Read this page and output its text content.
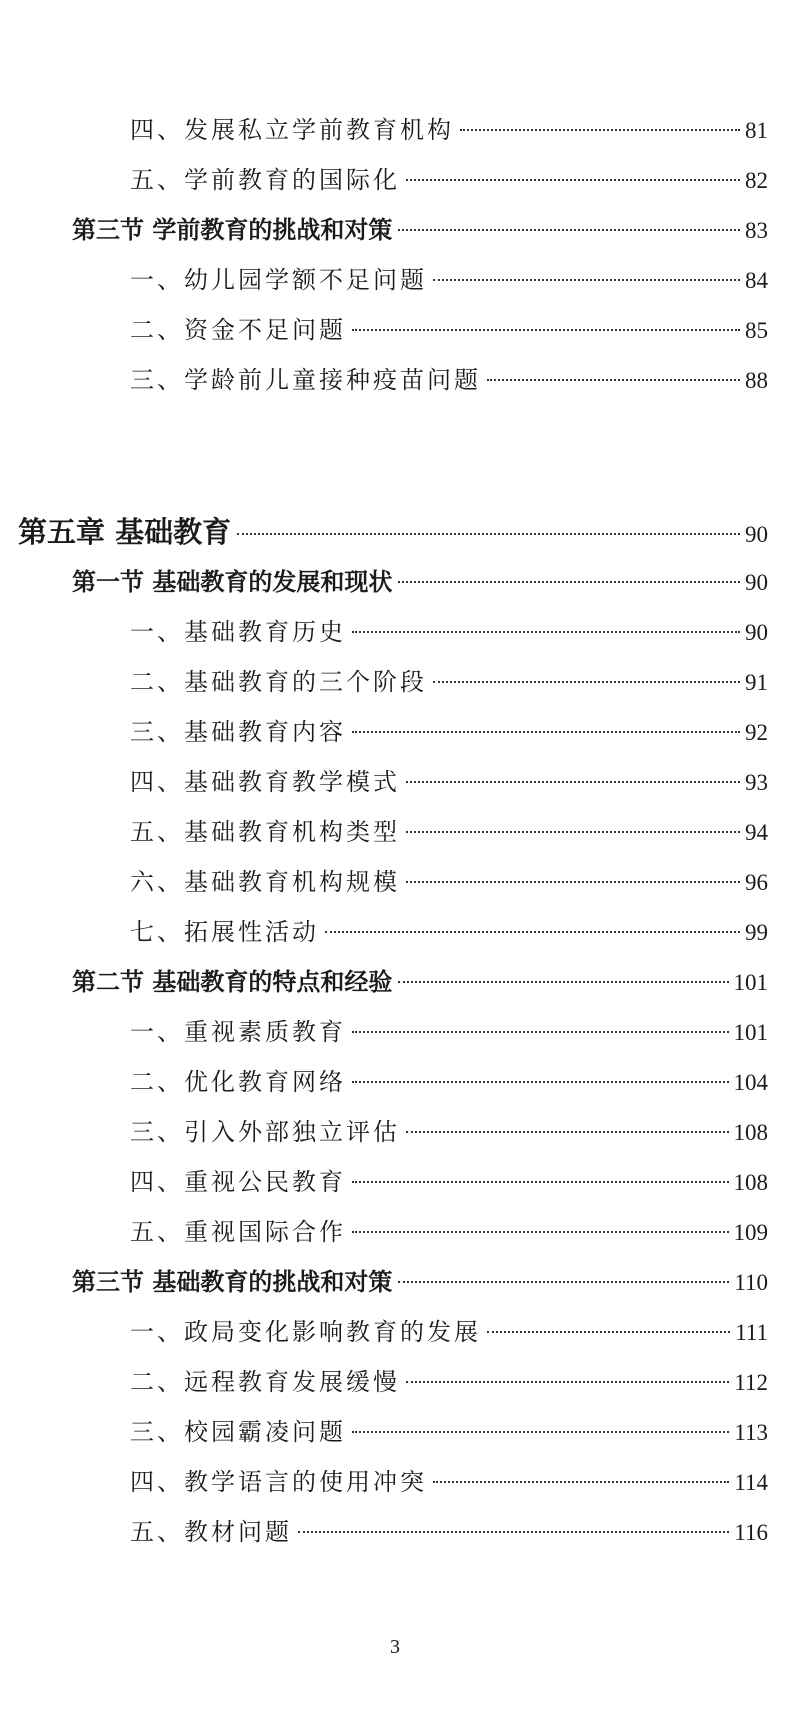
四、发展私立学前教育机构	81
五、学前教育的国际化	82
第三节 学前教育的挑战和对策	83
一、幼儿园学额不足问题	84
二、资金不足问题	85
三、学龄前儿童接种疫苗问题	88
第五章 基础教育	90
第一节 基础教育的发展和现状	90
一、基础教育历史	90
二、基础教育的三个阶段	91
三、基础教育内容	92
四、基础教育教学模式	93
五、基础教育机构类型	94
六、基础教育机构规模	96
七、拓展性活动	99
第二节 基础教育的特点和经验	101
一、重视素质教育	101
二、优化教育网络	104
三、引入外部独立评估	108
四、重视公民教育	108
五、重视国际合作	109
第三节 基础教育的挑战和对策	110
一、政局变化影响教育的发展	111
二、远程教育发展缓慢	112
三、校园霸凌问题	113
四、教学语言的使用冲突	114
五、教材问题	116
3
